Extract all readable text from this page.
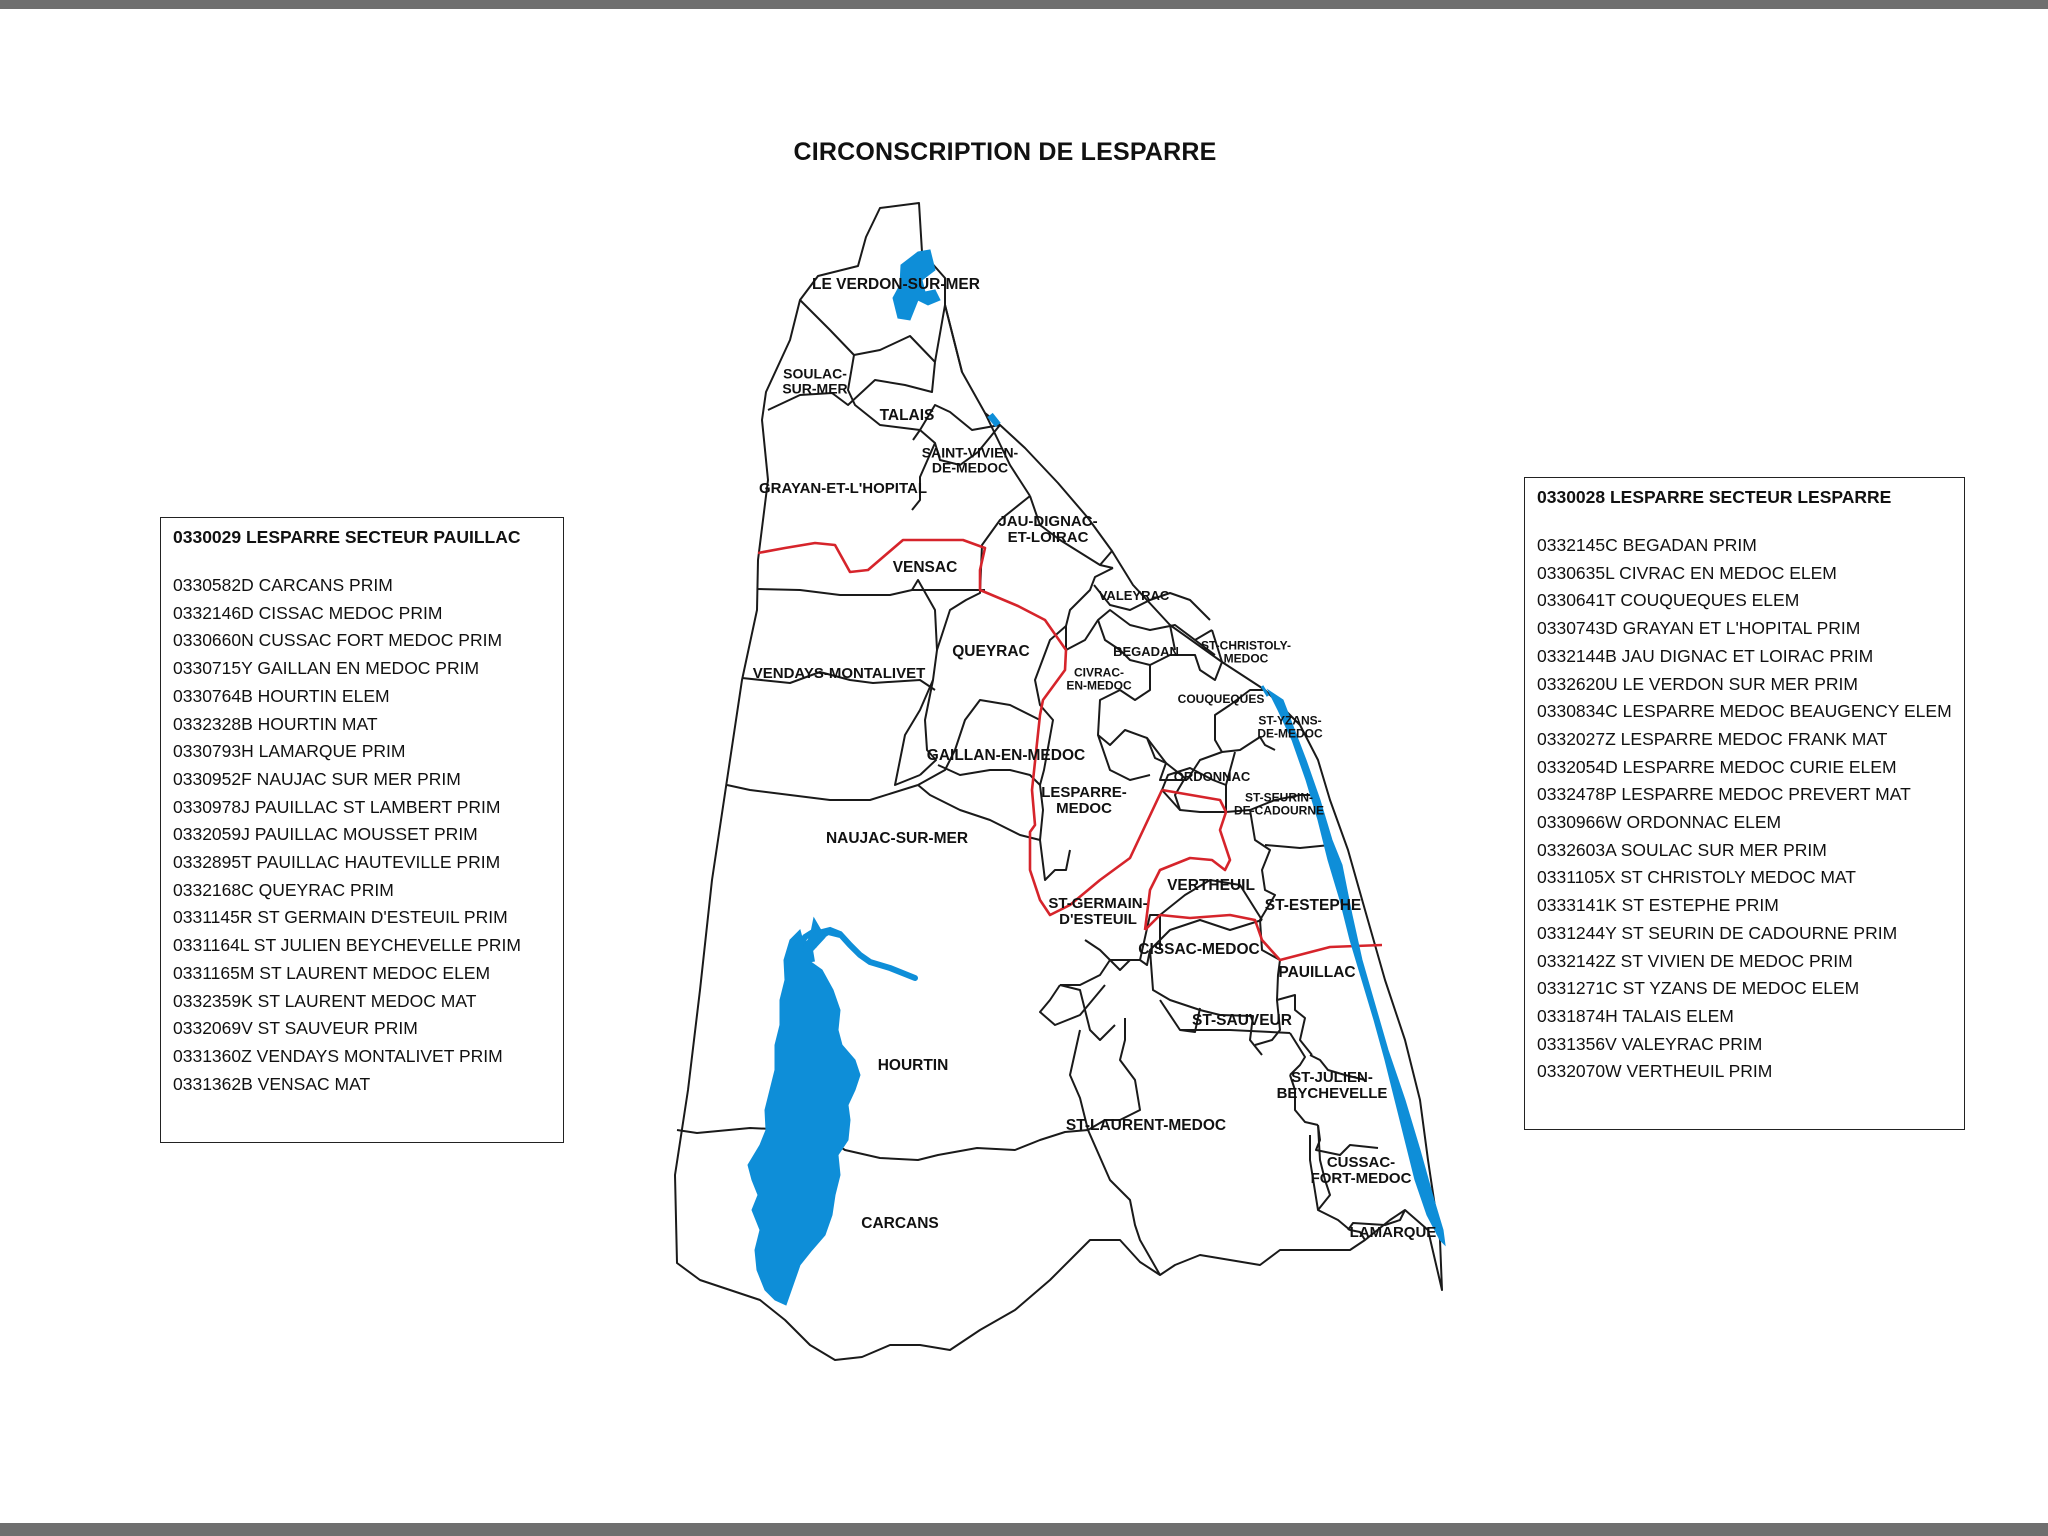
CIRCONSCRIPTION DE LESPARRE
0330029 LESPARRE SECTEUR PAUILLAC
0330582D CARCANS PRIM
0332146D CISSAC MEDOC PRIM
0330660N CUSSAC FORT MEDOC PRIM
0330715Y GAILLAN EN MEDOC PRIM
0330764B HOURTIN ELEM
0332328B HOURTIN MAT
0330793H LAMARQUE PRIM
0330952F NAUJAC SUR MER PRIM
0330978J PAUILLAC ST LAMBERT PRIM
0332059J PAUILLAC MOUSSET PRIM
0332895T PAUILLAC HAUTEVILLE PRIM
0332168C QUEYRAC PRIM
0331145R ST GERMAIN D'ESTEUIL PRIM
0331164L ST JULIEN BEYCHEVELLE PRIM
0331165M ST LAURENT MEDOC ELEM
0332359K ST LAURENT MEDOC MAT
0332069V ST SAUVEUR PRIM
0331360Z VENDAYS MONTALIVET PRIM
0331362B VENSAC MAT
0330028 LESPARRE SECTEUR LESPARRE
0332145C BEGADAN PRIM
0330635L CIVRAC EN MEDOC ELEM
0330641T COUQUEQUES ELEM
0330743D GRAYAN ET L'HOPITAL PRIM
0332144B JAU DIGNAC ET LOIRAC PRIM
0332620U LE VERDON SUR MER PRIM
0330834C LESPARRE MEDOC BEAUGENCY ELEM
0332027Z LESPARRE MEDOC FRANK MAT
0332054D LESPARRE MEDOC CURIE ELEM
0332478P LESPARRE MEDOC PREVERT MAT
0330966W ORDONNAC ELEM
0332603A SOULAC SUR MER PRIM
0331105X ST CHRISTOLY MEDOC MAT
0333141K ST ESTEPHE PRIM
0331244Y ST SEURIN DE CADOURNE PRIM
0332142Z ST VIVIEN DE MEDOC PRIM
0331271C ST YZANS DE MEDOC ELEM
0331874H TALAIS ELEM
0331356V VALEYRAC PRIM
0332070W VERTHEUIL PRIM
LE VERDON-SUR-MER
SOULAC-SUR-MER
TALAIS
SAINT-VIVIEN-DE-MEDOC
GRAYAN-ET-L'HOPITAL
JAU-DIGNAC-ET-LOIRAC
VENSAC
VALEYRAC
QUEYRAC	BEGADAN ST-CHRISTOLY-MEDOC
VENDAYS-MONTALIVET	CIVRAC-EN-MEDOC
COUQUEQUES
ST-YZANS-DE-MEDOC
GAILLAN-EN-MEDOC
ORDONNAC
LESPARRE-MEDOC
ST-SEURIN-DE-CADOURNE
NAUJAC-SUR-MER
VERTHEUIL
ST-ESTEPHE
ST-GERMAIN-D'ESTEUIL
CISSAC-MEDOC
PAUILLAC
ST-SAUVEUR
HOURTIN
ST-JULIEN-BEYCHEVELLE
ST-LAURENT-MEDOC
CUSSAC-FORT-MEDOC
CARCANS
LAMARQUE
